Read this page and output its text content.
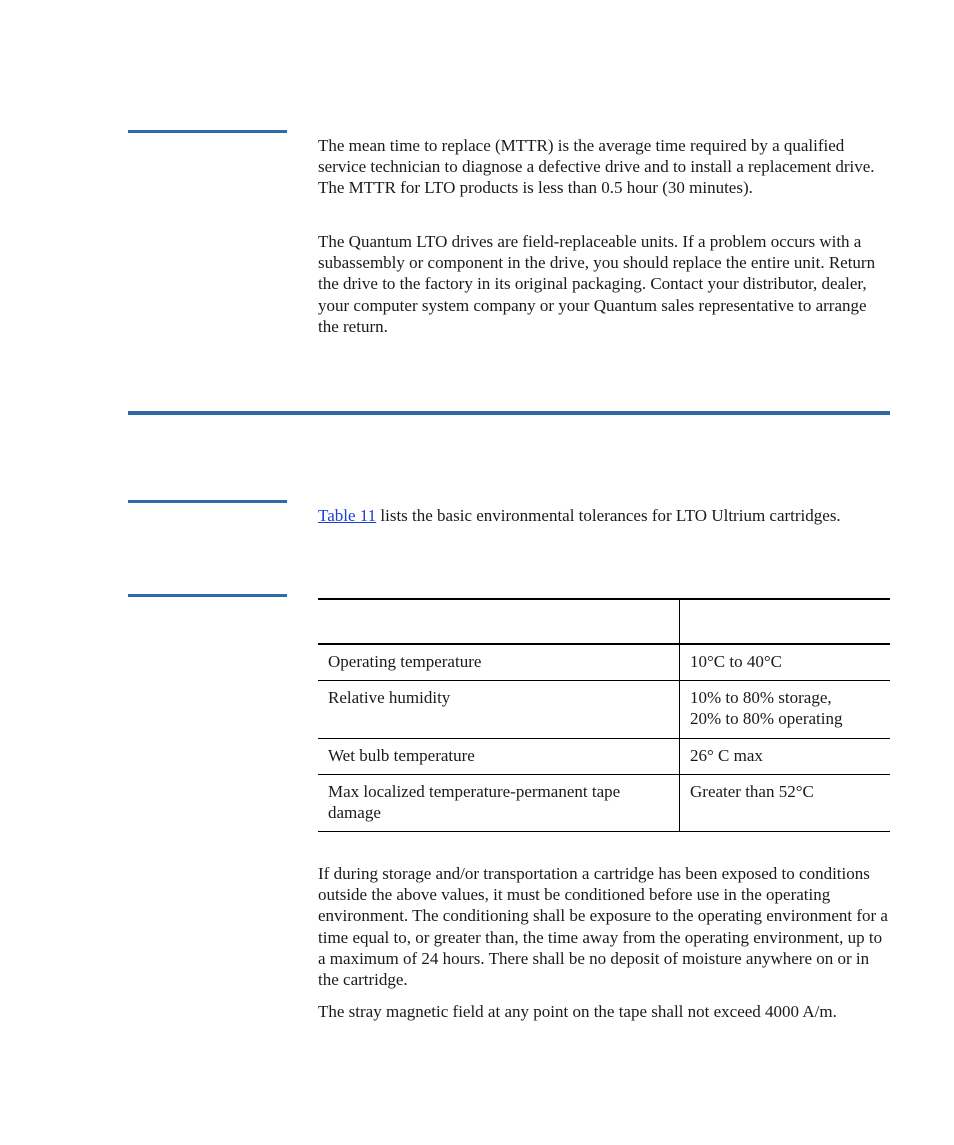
The mean time to replace (MTTR) is the average time required by a qualified service technician to diagnose a defective drive and to install a replacement drive. The MTTR for LTO products is less than 0.5 hour (30 minutes).

The Quantum LTO drives are field-replaceable units. If a problem occurs with a subassembly or component in the drive, you should replace the entire unit. Return the drive to the factory in its original packaging. Contact your distributor, dealer, your computer system company or your Quantum sales representative to arrange the return.

Table 11 lists the basic environmental tolerances for LTO Ultrium cartridges.

Operating temperature	10°C to 40°C

Relative humidity	10% to 80% storage,
20% to 80% operating

Wet bulb temperature	26° C max

Max localized temperature-permanent tape damage	Greater than 52°C

If during storage and/or transportation a cartridge has been exposed to conditions outside the above values, it must be conditioned before use in the operating environment. The conditioning shall be exposure to the operating environment for a time equal to, or greater than, the time away from the operating environment, up to a maximum of 24 hours. There shall be no deposit of moisture anywhere on or in the cartridge.

The stray magnetic field at any point on the tape shall not exceed 4000 A/m.
